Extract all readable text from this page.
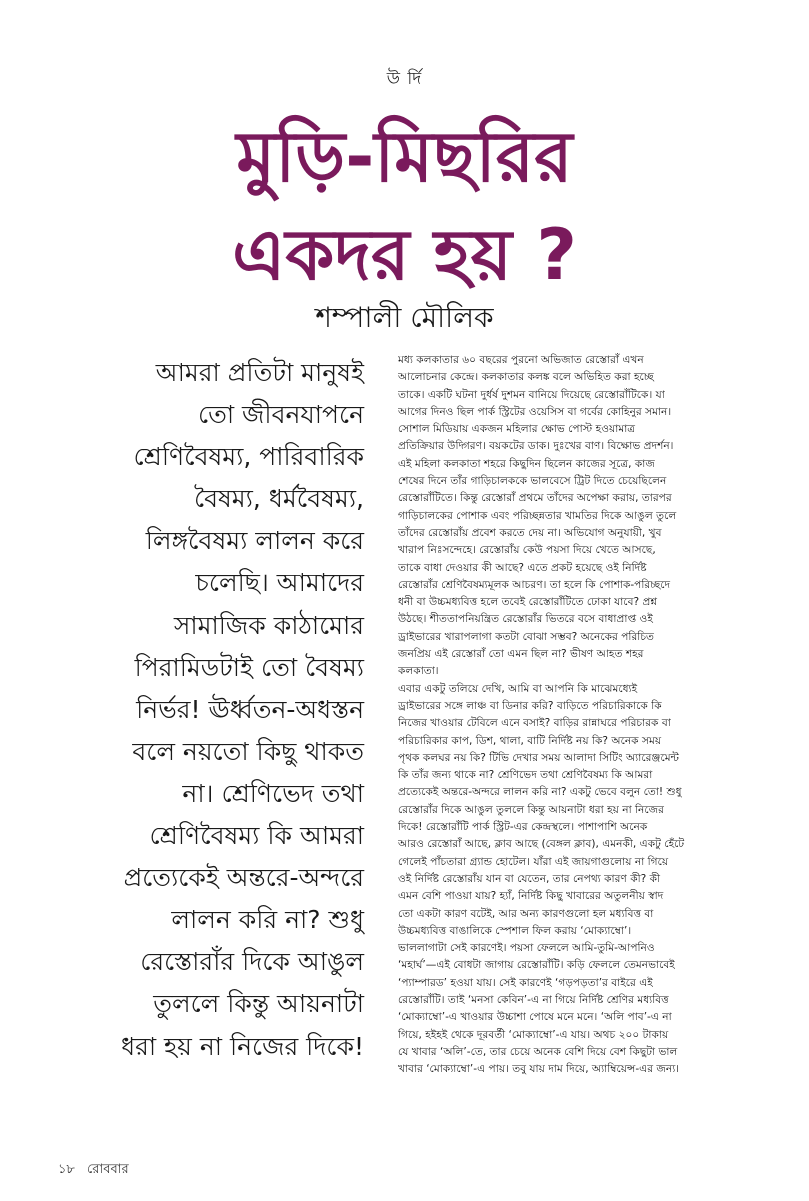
উ র্দি
মুড়ি-মিছরির
একদর হয় ?
শম্পালী মৌলিক
আমরা প্রতিটা মানুষই
তো জীবনযাপনে
শ্রেণিবৈষম্য, পারিবারিক
বৈষম্য, ধর্মবৈষম্য,
লিঙ্গবৈষম্য লালন করে
চলেছি। আমাদের
সামাজিক কাঠামোর
পিরামিডটাই তো বৈষম্য
নির্ভর! ঊর্ধ্বতন-অধস্তন
বলে নয়তো কিছু থাকত
না। শ্রেণিভেদ তথা
শ্রেণিবৈষম্য কি আমরা
প্রত্যেকেই অন্তরে-অন্দরে
লালন করি না? শুধু
রেস্তোরাঁর দিকে আঙুল
তুললে কিন্তু আয়নাটা
ধরা হয় না নিজের দিকে!
মধ্য কলকাতার ৬০ বছরের পুরনো অভিজাত রেস্তোরাঁ এখন
আলোচনার কেন্দ্রে। কলকাতার কলঙ্ক বলে অভিহিত করা হচ্ছে
তাকে। একটি ঘটনা দুর্ধর্ষ দুশমন বানিয়ে দিয়েছে রেস্তোরাঁটিকে। যা
আগের দিনও ছিল পার্ক স্ট্রিটের ওয়েসিস বা গর্বের কোহিনুর সমান।
সোশাল মিডিয়ায় একজন মহিলার ক্ষোভ পোস্ট হওয়ামাত্র
প্রতিক্রিয়ার উদ্গিরণ। বয়কটের ডাক। দুঃখের বাণ। বিক্ষোভ প্রদর্শন।
এই মহিলা কলকাতা শহরে কিছুদিন ছিলেন কাজের সূত্রে, কাজ
শেষের দিনে তাঁর গাড়িচালককে ভালবেসে ট্রিট দিতে চেয়েছিলেন
রেস্তোরাঁটিতে। কিন্তু রেস্তোরাঁ প্রথমে তাঁদের অপেক্ষা করায়, তারপর
গাড়িচালকের পোশাক এবং পরিচ্ছন্নতার খামতির দিকে আঙুল তুলে
তাঁদের রেস্তোরাঁয় প্রবেশ করতে দেয় না। অভিযোগ অনুযায়ী, খুব
খারাপ নিঃসন্দেহে। রেস্তোরাঁয় কেউ পয়সা দিয়ে খেতে আসছে,
তাকে বাধা দেওয়ার কী আছে? এতে প্রকট হয়েছে ওই নির্দিষ্ট
রেস্তোরাঁর শ্রেণিবৈষম্যমূলক আচরণ। তা হলে কি পোশাক-পরিচ্ছদে
ধনী বা উচ্চমধ্যবিত্ত হলে তবেই রেস্তোরাঁটিতে ঢোকা যাবে? প্রশ্ন
উঠছে। শীততাপনিয়ন্ত্রিত রেস্তোরাঁর ভিতরে বসে বাধাপ্রাপ্ত ওই
ড্রাইভারের খারাপলাগা কতটা বোঝা সম্ভব? অনেকের পরিচিত
জনপ্রিয় এই রেস্তোরাঁ তো এমন ছিল না? ভীষণ আহত শহর
কলকাতা।
এবার একটু তলিয়ে দেখি, আমি বা আপনি কি মাঝেমধ্যেই
ড্রাইভারের সঙ্গে লাঞ্চ বা ডিনার করি? বাড়িতে পরিচারিকাকে কি
নিজের খাওয়ার টেবিলে এনে বসাই? বাড়ির রান্নাঘরে পরিচারক বা
পরিচারিকার কাপ, ডিশ, থালা, বাটি নির্দিষ্ট নয় কি? অনেক সময়
পৃথক কলঘর নয় কি? টিভি দেখার সময় আলাদা সিটিং অ্যারেঞ্জমেন্ট
কি তাঁর জন্য থাকে না? শ্রেণিভেদ তথা শ্রেণিবৈষম্য কি আমরা
প্রত্যেকেই অন্তরে-অন্দরে লালন করি না? একটু ভেবে বলুন তো! শুধু
রেস্তোরাঁর দিকে আঙুল তুললে কিন্তু আয়নাটা ধরা হয় না নিজের
দিকে! রেস্তোরাঁটি পার্ক স্ট্রিট-এর কেন্দ্রস্থলে। পাশাপাশি অনেক
আরও রেস্তোরাঁ আছে, ক্লাব আছে (বেঙ্গল ক্লাব), এমনকী, একটু হেঁটে
গেলেই পাঁচতারা গ্র্যান্ড হোটেল। যাঁরা এই জায়গাগুলোয় না গিয়ে
ওই নির্দিষ্ট রেস্তোরাঁয় যান বা যেতেন, তার নেপথ্য কারণ কী? কী
এমন বেশি পাওয়া যায়? হ্যাঁ, নির্দিষ্ট কিছু খাবারের অতুলনীয় স্বাদ
তো একটা কারণ বটেই, আর অন্য কারণগুলো হল মধ্যবিত্ত বা
উচ্চমধ্যবিত্ত বাঙালিকে স্পেশাল ফিল করায় ‘মোক্যাম্বো’।
ভাললাগাটা সেই কারণেই। পয়সা ফেললে আমি-তুমি-আপনিও
‘মহার্ঘ’—এই বোধটা জাগায় রেস্তোরাঁটি। কড়ি ফেললে তেমনভাবেই
‘প্যাম্পারড’ হওয়া যায়। সেই কারণেই ‘গড়পড়তা’র বাইরে এই
রেস্তোরাঁটি। তাই ‘মনসা কেবিন’-এ না গিয়ে নির্দিষ্ট শ্রেণির মধ্যবিত্ত
‘মোক্যাম্বো’-এ খাওয়ার উচ্চাশা পোষে মনে মনে। ‘অলি পাব’-এ না
গিয়ে, হইহই থেকে দূরবর্তী ‘মোক্যাম্বো’-এ যায়। অথচ ২০০ টাকায়
যে খাবার ‘অলি’-তে, তার চেয়ে অনেক বেশি দিয়ে বেশ কিছুটা ভাল
খাবার ‘মোক্যাম্বো’-এ পায়। তবু যায় দাম দিয়ে, অ্যাম্বিয়েন্স-এর জন্য।
১৮ রোববার
